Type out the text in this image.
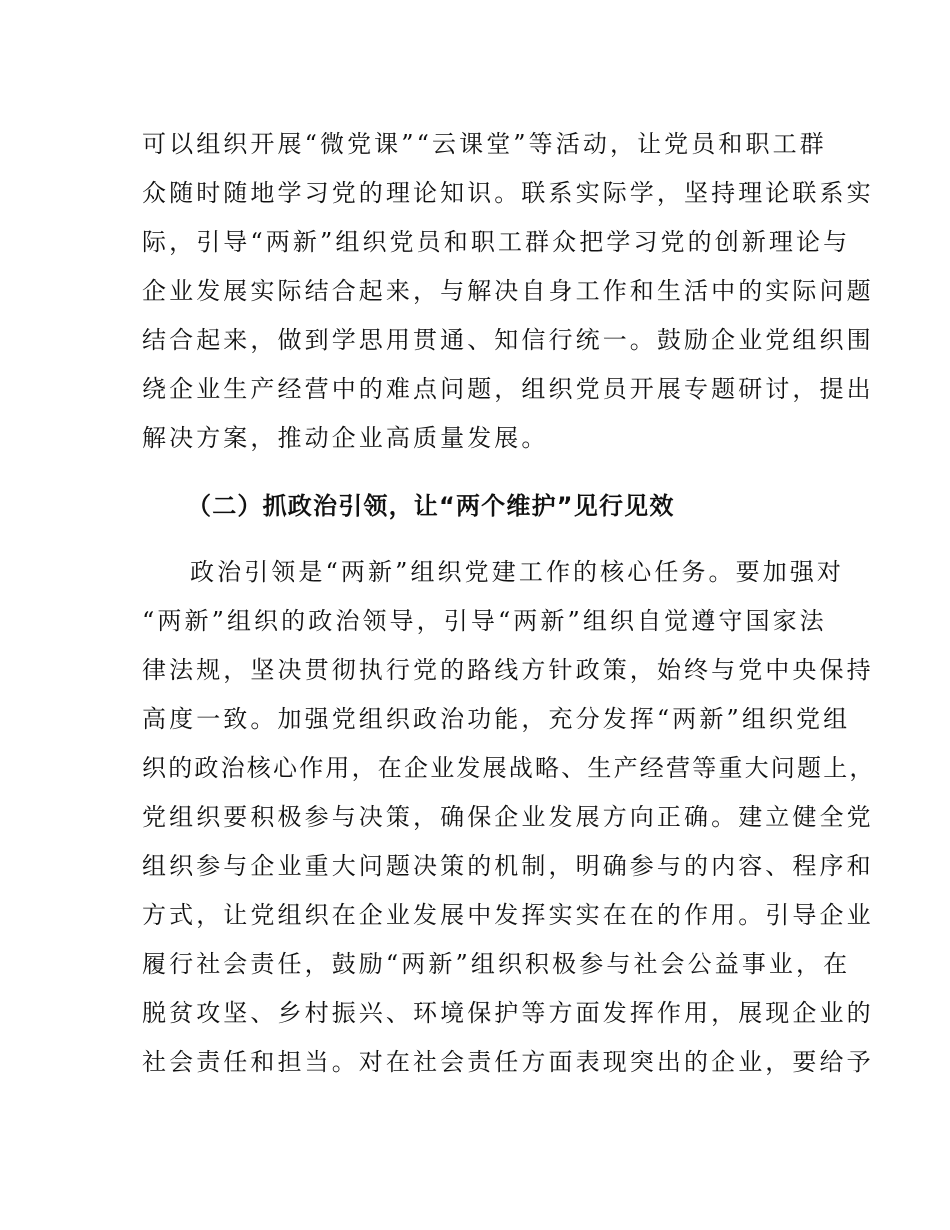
可以组织开展“微党课”“云课堂”等活动，让党员和职工群
众随时随地学习党的理论知识。联系实际学，坚持理论联系实
际，引导“两新”组织党员和职工群众把学习党的创新理论与
企业发展实际结合起来，与解决自身工作和生活中的实际问题
结合起来，做到学思用贯通、知信行统一。鼓励企业党组织围
绕企业生产经营中的难点问题，组织党员开展专题研讨，提出
解决方案，推动企业高质量发展。
（二）抓政治引领，让“两个维护”见行见效
政治引领是“两新”组织党建工作的核心任务。要加强对
“两新”组织的政治领导，引导“两新”组织自觉遵守国家法
律法规，坚决贯彻执行党的路线方针政策，始终与党中央保持
高度一致。加强党组织政治功能，充分发挥“两新”组织党组
织的政治核心作用，在企业发展战略、生产经营等重大问题上，
党组织要积极参与决策，确保企业发展方向正确。建立健全党
组织参与企业重大问题决策的机制，明确参与的内容、程序和
方式，让党组织在企业发展中发挥实实在在的作用。引导企业
履行社会责任，鼓励“两新”组织积极参与社会公益事业，在
脱贫攻坚、乡村振兴、环境保护等方面发挥作用，展现企业的
社会责任和担当。对在社会责任方面表现突出的企业，要给予
